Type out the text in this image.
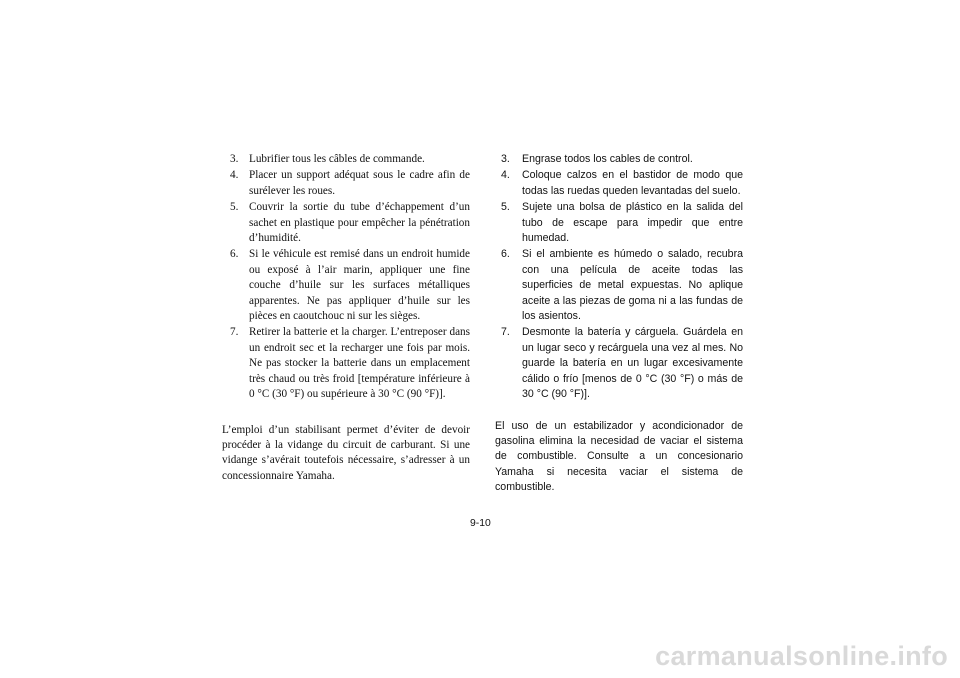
3. Lubrifier tous les câbles de commande.
4. Placer un support adéquat sous le cadre afin de surélever les roues.
5. Couvrir la sortie du tube d’échappement d’un sachet en plastique pour empêcher la pénétration d’humidité.
6. Si le véhicule est remisé dans un endroit humide ou exposé à l’air marin, appliquer une fine couche d’huile sur les surfaces métalliques apparentes. Ne pas appliquer d’huile sur les pièces en caoutchouc ni sur les sièges.
7. Retirer la batterie et la charger. L’entreposer dans un endroit sec et la recharger une fois par mois. Ne pas stocker la batterie dans un emplacement très chaud ou très froid [température inférieure à 0 °C (30 °F) ou supérieure à 30 °C (90 °F)].

L’emploi d’un stabilisant permet d’éviter de devoir procéder à la vidange du circuit de carburant. Si une vidange s’avérait toutefois nécessaire, s’adresser à un concessionnaire Yamaha.

3.	Engrase todos los cables de control.
4.	Coloque calzos en el bastidor de modo que todas las ruedas queden levantadas del suelo.
5.	Sujete una bolsa de plástico en la salida del tubo de escape para impedir que entre humedad.
6.	Si el ambiente es húmedo o salado, recubra con una película de aceite todas las superficies de metal expuestas. No aplique aceite a las piezas de goma ni a las fundas de los asientos.
7.	Desmonte la batería y cárguela. Guárdela en un lugar seco y recárguela una vez al mes. No guarde la batería en un lugar excesivamente cálido o frío [menos de 0 °C (30 °F) o más de 30 °C (90 °F)].

El uso de un estabilizador y acondicionador de gasolina elimina la necesidad de vaciar el sistema de combustible. Consulte a un concesionario Yamaha si necesita vaciar el sistema de combustible.

9-10
carmanualsonline.info
